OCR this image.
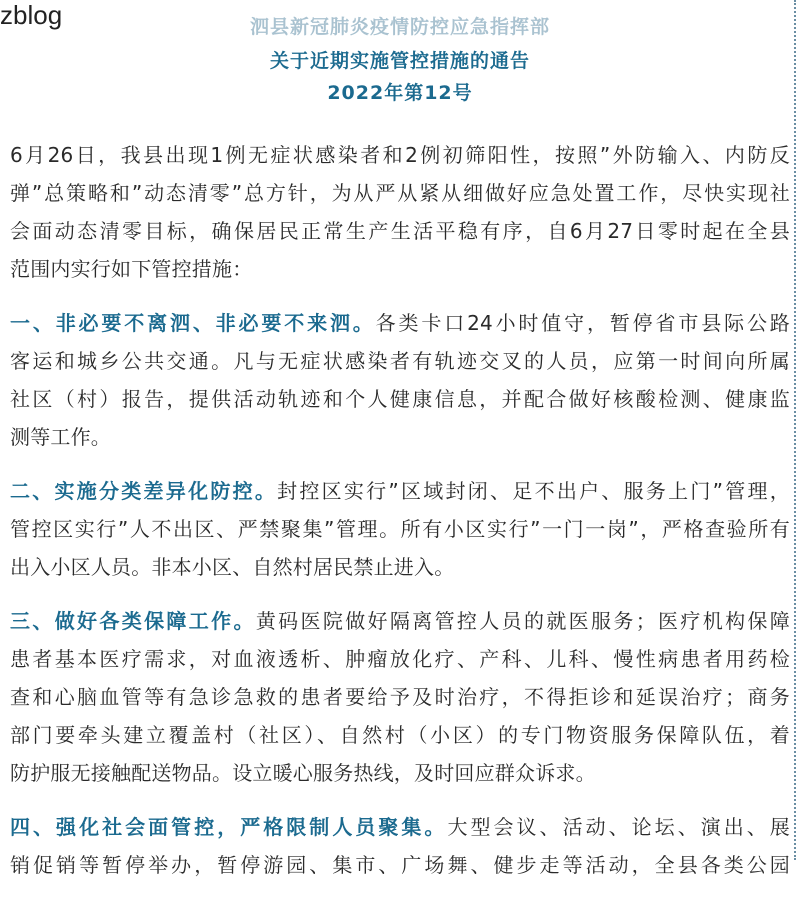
zblog	泗县新冠肺炎疫情防控应急指挥部
关于近期实施管控措施的通告
2022年第12号
6月26日，我县出现1例无症状感染者和2例初筛阳性，按照”外防输入、内防反
弹”总策略和”动态清零”总方针，为从严从紧从细做好应急处置工作，尽快实现社
会面动态清零目标，确保居民正常生产生活平稳有序，自6月27日零时起在全县
范围内实行如下管控措施：
一、非必要不离泗、非必要不来泗。各类卡口24小时值守，暂停省市县际公路
客运和城乡公共交通。凡与无症状感染者有轨迹交叉的人员，应第一时间向所属
社区（村）报告，提供活动轨迹和个人健康信息，并配合做好核酸检测、健康监
测等工作。
二、实施分类差异化防控。封控区实行”区域封闭、足不出户、服务上门”管理，
管控区实行”人不出区、严禁聚集”管理。所有小区实行”一门一岗”，严格查验所有
出入小区人员。非本小区、自然村居民禁止进入。
三、做好各类保障工作。黄码医院做好隔离管控人员的就医服务；医疗机构保障
患者基本医疗需求，对血液透析、肿瘤放化疗、产科、儿科、慢性病患者用药检
查和心脑血管等有急诊急救的患者要给予及时治疗，不得拒诊和延误治疗；商务
部门要牵头建立覆盖村（社区）、自然村（小区）的专门物资服务保障队伍，着
防护服无接触配送物品。设立暖心服务热线，及时回应群众诉求。
四、强化社会面管控，严格限制人员聚集。大型会议、活动、论坛、演出、展
销促销等暂停举办，暂停游园、集市、广场舞、健步走等活动，全县各类公园
